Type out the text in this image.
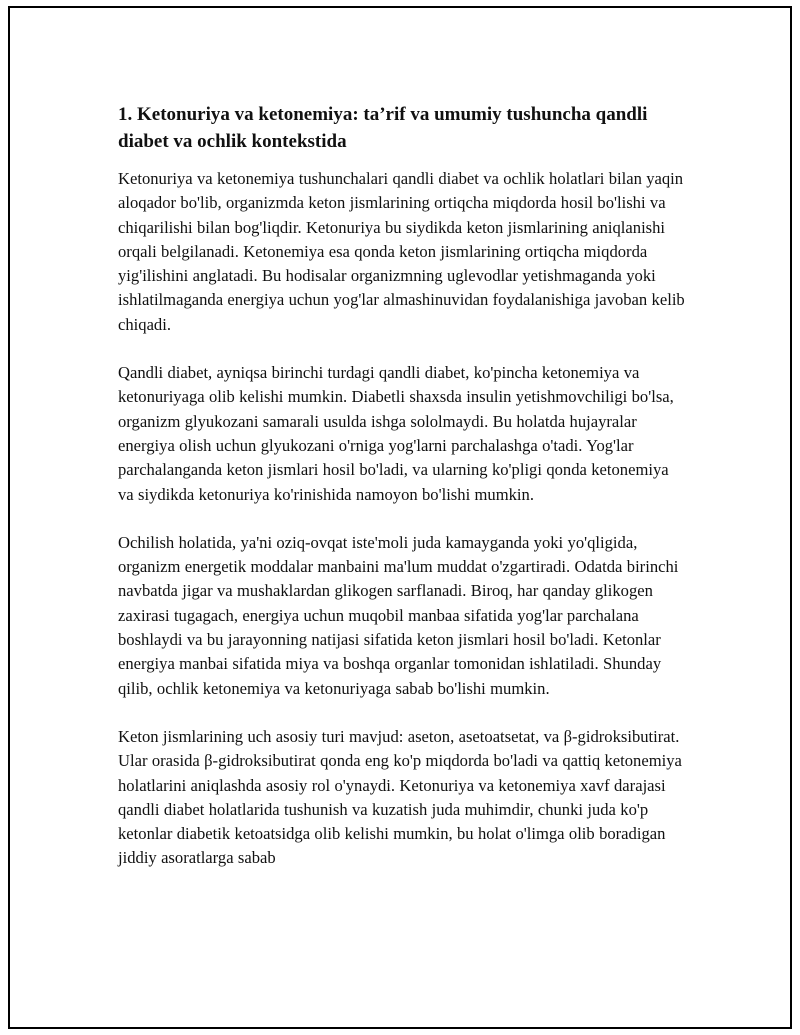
1. Ketonuriya va ketonemiya: ta’rif va umumiy tushuncha qandli diabet va ochlik kontekstida

Ketonuriya va ketonemiya tushunchalari qandli diabet va ochlik holatlari bilan yaqin aloqador bo'lib, organizmda keton jismlarining ortiqcha miqdorda hosil bo'lishi va chiqarilishi bilan bog'liqdir. Ketonuriya bu siydikda keton jismlarining aniqlanishi orqali belgilanadi. Ketonemiya esa qonda keton jismlarining ortiqcha miqdorda yig'ilishini anglatadi. Bu hodisalar organizmning uglevodlar yetishmaganda yoki ishlatilmaganda energiya uchun yog'lar almashinuvidan foydalanishiga javoban kelib chiqadi.

Qandli diabet, ayniqsa birinchi turdagi qandli diabet, ko'pincha ketonemiya va ketonuriyaga olib kelishi mumkin. Diabetli shaxsda insulin yetishmovchiligi bo'lsa, organizm glyukozani samarali usulda ishga sololmaydi. Bu holatda hujayralar energiya olish uchun glyukozani o'rniga yog'larni parchalashga o'tadi. Yog'lar parchalanganda keton jismlari hosil bo'ladi, va ularning ko'pligi qonda ketonemiya va siydikda ketonuriya ko'rinishida namoyon bo'lishi mumkin.

Ochilish holatida, ya'ni oziq-ovqat iste'moli juda kamayganda yoki yo'qligida, organizm energetik moddalar manbaini ma'lum muddat o'zgartiradi. Odatda birinchi navbatda jigar va mushaklardan glikogen sarflanadi. Biroq, har qanday glikogen zaxirasi tugagach, energiya uchun muqobil manbaa sifatida yog'lar parchalana boshlaydi va bu jarayonning natijasi sifatida keton jismlari hosil bo'ladi. Ketonlar energiya manbai sifatida miya va boshqa organlar tomonidan ishlatiladi. Shunday qilib, ochlik ketonemiya va ketonuriyaga sabab bo'lishi mumkin.

Keton jismlarining uch asosiy turi mavjud: aseton, asetoatsetat, va β-gidroksibutirat. Ular orasida β-gidroksibutirat qonda eng ko'p miqdorda bo'ladi va qattiq ketonemiya holatlarini aniqlashda asosiy rol o'ynaydi. Ketonuriya va ketonemiya xavf darajasi qandli diabet holatlarida tushunish va kuzatish juda muhimdir, chunki juda ko'p ketonlar diabetik ketoatsidga olib kelishi mumkin, bu holat o'limga olib boradigan jiddiy asoratlarga sabab
